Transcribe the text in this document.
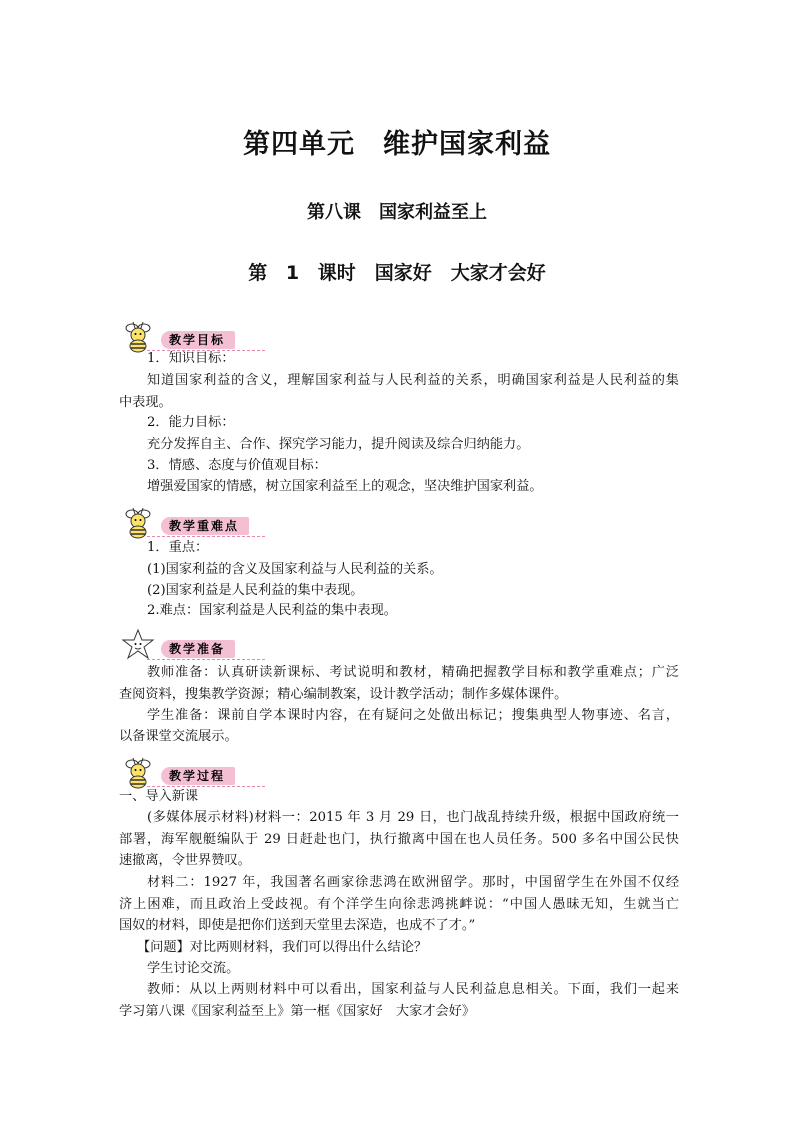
第四单元　维护国家利益
第八课　国家利益至上
第 1 课时　国家好　大家才会好
教学目标
1．知识目标：
知道国家利益的含义，理解国家利益与人民利益的关系，明确国家利益是人民利益的集
中表现。
2．能力目标：
充分发挥自主、合作、探究学习能力，提升阅读及综合归纳能力。
3．情感、态度与价值观目标：
增强爱国家的情感，树立国家利益至上的观念，坚决维护国家利益。
教学重难点
1．重点：
(1)国家利益的含义及国家利益与人民利益的关系。
(2)国家利益是人民利益的集中表现。
2.难点：国家利益是人民利益的集中表现。
教学准备
教师准备：认真研读新课标、考试说明和教材，精确把握教学目标和教学重难点；广泛
查阅资料，搜集教学资源；精心编制教案，设计教学活动；制作多媒体课件。
学生准备：课前自学本课时内容，在有疑问之处做出标记；搜集典型人物事迹、名言，
以备课堂交流展示。
教学过程
一、导入新课
(多媒体展示材料)材料一：2015 年 3 月 29 日，也门战乱持续升级，根据中国政府统一
部署，海军舰艇编队于 29 日赶赴也门，执行撤离中国在也人员任务。500 多名中国公民快
速撤离，令世界赞叹。
材料二：1927 年，我国著名画家徐悲鸿在欧洲留学。那时，中国留学生在外国不仅经
济上困难，而且政治上受歧视。有个洋学生向徐悲鸿挑衅说：“中国人愚昧无知，生就当亡
国奴的材料，即使是把你们送到天堂里去深造，也成不了才。”
【问题】对比两则材料，我们可以得出什么结论？
学生讨论交流。
教师：从以上两则材料中可以看出，国家利益与人民利益息息相关。下面，我们一起来
学习第八课《国家利益至上》第一框《国家好　大家才会好》
